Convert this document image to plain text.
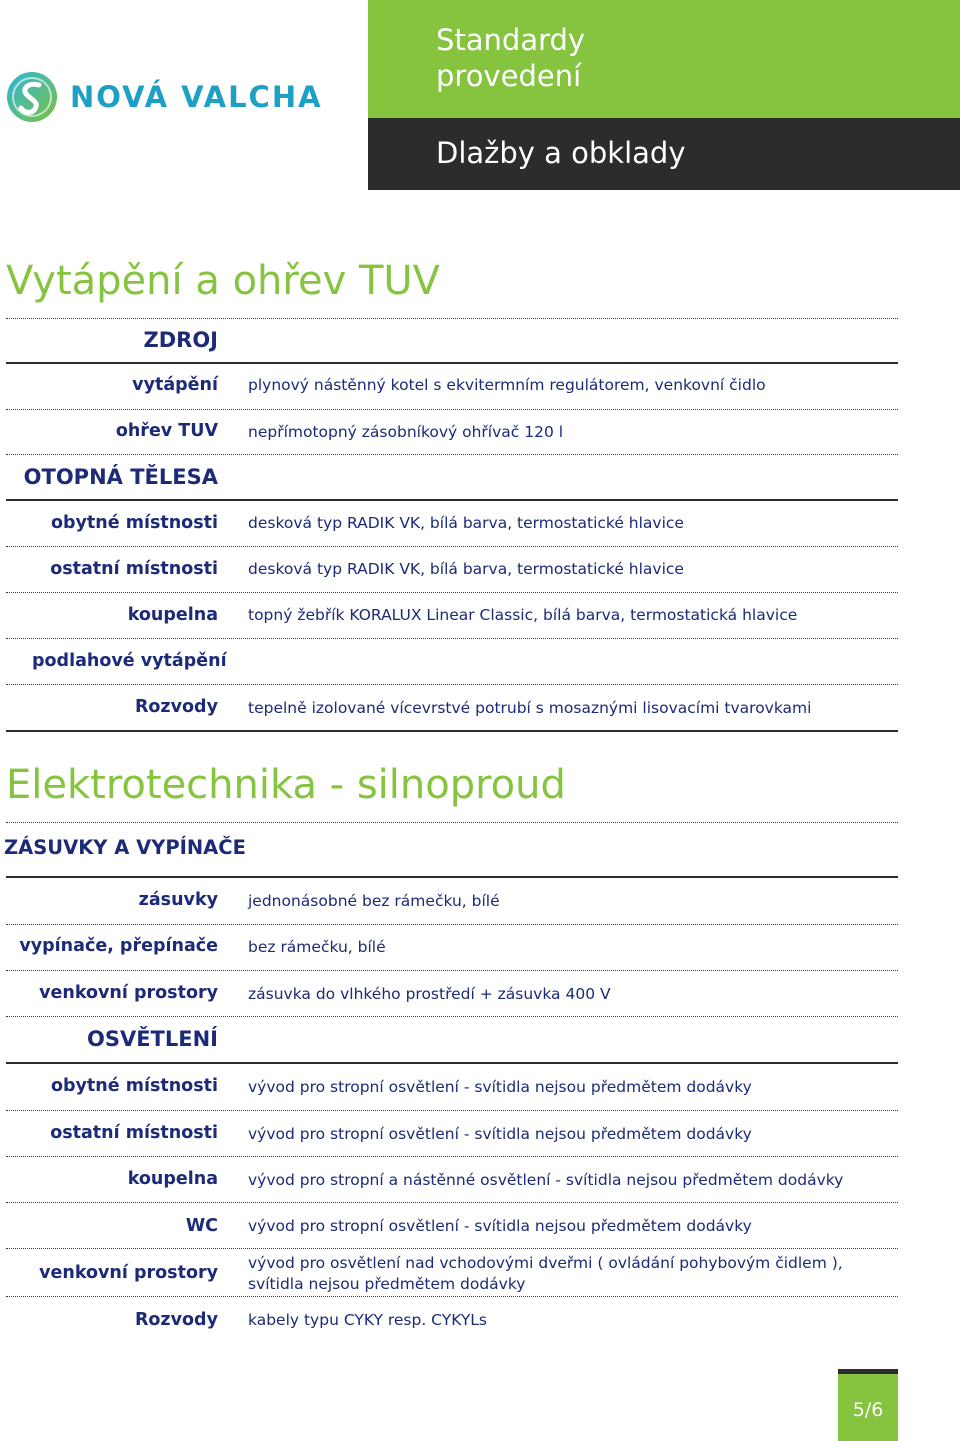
NOVÁ VALCHA
Standardy provedení
Dlažby a obklady
Vytápění a ohřev TUV
ZDROJ
vytápění plynový nástěnný kotel s ekvitermním regulátorem, venkovní čidlo
ohřev TUV nepřímotopný zásobníkový ohřívač 120 l
OTOPNÁ TĚLESA
obytné místnosti desková typ RADIK VK, bílá barva, termostatické hlavice
ostatní místnosti desková typ RADIK VK, bílá barva, termostatické hlavice
koupelna topný žebřík KORALUX Linear Classic, bílá barva, termostatická hlavice
podlahové vytápění
Rozvody tepelně izolované vícevrstvé potrubí s mosaznými lisovacími tvarovkami
Elektrotechnika - silnoproud
ZÁSUVKY A VYPÍNAČE
zásuvky jednonásobné bez rámečku, bílé
vypínače, přepínače bez rámečku, bílé
venkovní prostory zásuvka do vlhkého prostředí + zásuvka 400 V
OSVĚTLENÍ
obytné místnosti vývod pro stropní osvětlení - svítidla nejsou předmětem dodávky
ostatní místnosti vývod pro stropní osvětlení - svítidla nejsou předmětem dodávky
koupelna vývod pro stropní a nástěnné osvětlení - svítidla nejsou předmětem dodávky
WC vývod pro stropní osvětlení - svítidla nejsou předmětem dodávky
venkovní prostory vývod pro osvětlení nad vchodovými dveřmi ( ovládání pohybovým čidlem ), svítidla nejsou předmětem dodávky
Rozvody kabely typu CYKY resp. CYKYLs
5/6
